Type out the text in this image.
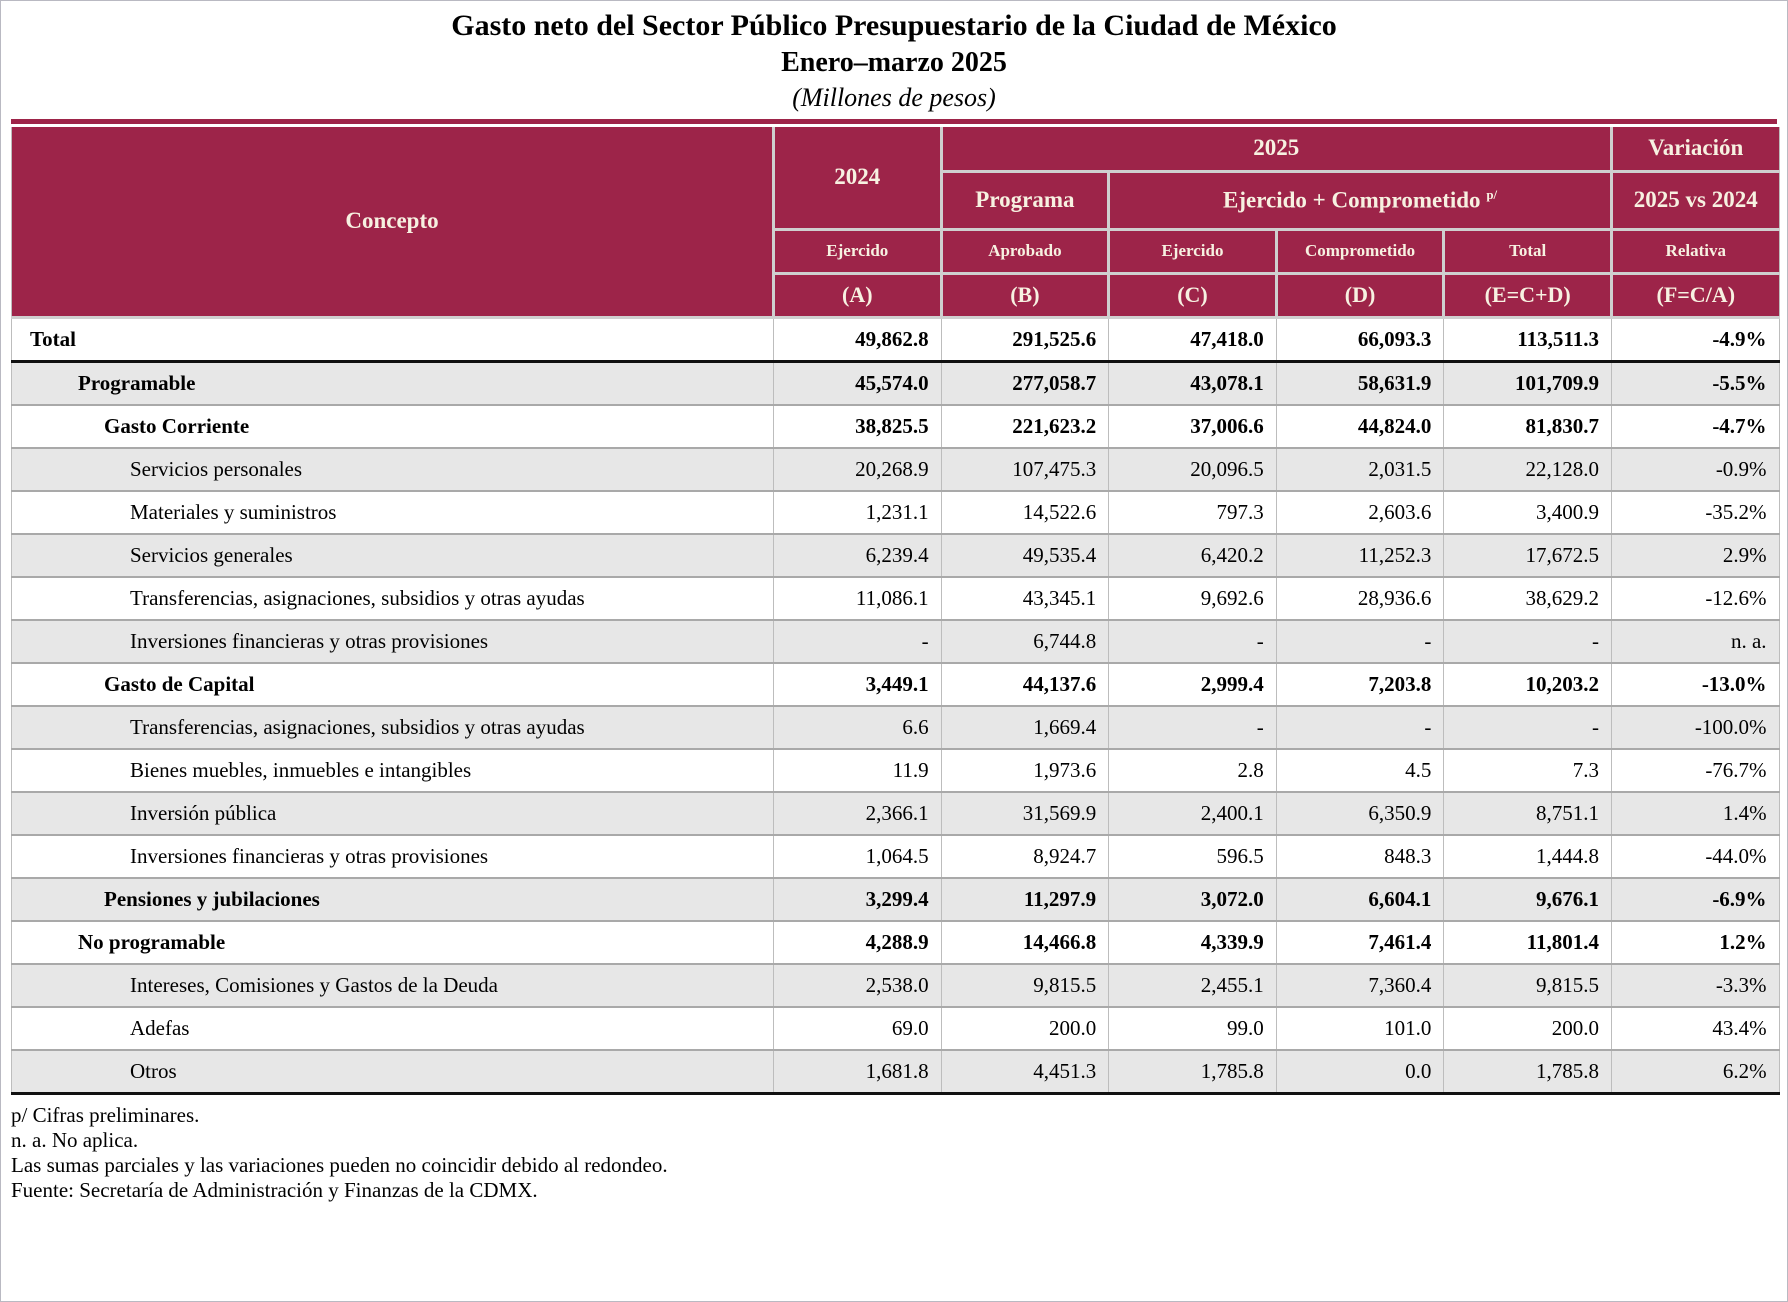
Gasto neto del Sector Público Presupuestario de la Ciudad de México
Enero–marzo 2025
(Millones de pesos)
Concepto	2024	2025				Variación
		Programa	Ejercido + Comprometido $^{p/}$			2025 vs 2024
	Ejercido	Aprobado	Ejercido	Comprometido	Total	Relativa
	(A)	(B)	(C)	(D)	(E=C+D)	(F=C/A)
Total	49,862.8	291,525.6	47,418.0	66,093.3	113,511.3	-4.9%
Programable	45,574.0	277,058.7	43,078.1	58,631.9	101,709.9	-5.5%
Gasto Corriente	38,825.5	221,623.2	37,006.6	44,824.0	81,830.7	-4.7%
Servicios personales	20,268.9	107,475.3	20,096.5	2,031.5	22,128.0	-0.9%
Materiales y suministros	1,231.1	14,522.6	797.3	2,603.6	3,400.9	-35.2%
Servicios generales	6,239.4	49,535.4	6,420.2	11,252.3	17,672.5	2.9%
Transferencias, asignaciones, subsidios y otras ayudas	11,086.1	43,345.1	9,692.6	28,936.6	38,629.2	-12.6%
Inversiones financieras y otras provisiones	-	6,744.8	-	-	-	n. a.
Gasto de Capital	3,449.1	44,137.6	2,999.4	7,203.8	10,203.2	-13.0%
Transferencias, asignaciones, subsidios y otras ayudas	6.6	1,669.4	-	-	-	-100.0%
Bienes muebles, inmuebles e intangibles	11.9	1,973.6	2.8	4.5	7.3	-76.7%
Inversión pública	2,366.1	31,569.9	2,400.1	6,350.9	8,751.1	1.4%
Inversiones financieras y otras provisiones	1,064.5	8,924.7	596.5	848.3	1,444.8	-44.0%
Pensiones y jubilaciones	3,299.4	11,297.9	3,072.0	6,604.1	9,676.1	-6.9%
No programable	4,288.9	14,466.8	4,339.9	7,461.4	11,801.4	1.2%
Intereses, Comisiones y Gastos de la Deuda	2,538.0	9,815.5	2,455.1	7,360.4	9,815.5	-3.3%
Adefas	69.0	200.0	99.0	101.0	200.0	43.4%
Otros	1,681.8	4,451.3	1,785.8	0.0	1,785.8	6.2%
p/ Cifras preliminares.
n. a. No aplica.
Las sumas parciales y las variaciones pueden no coincidir debido al redondeo.
Fuente: Secretaría de Administración y Finanzas de la CDMX.
